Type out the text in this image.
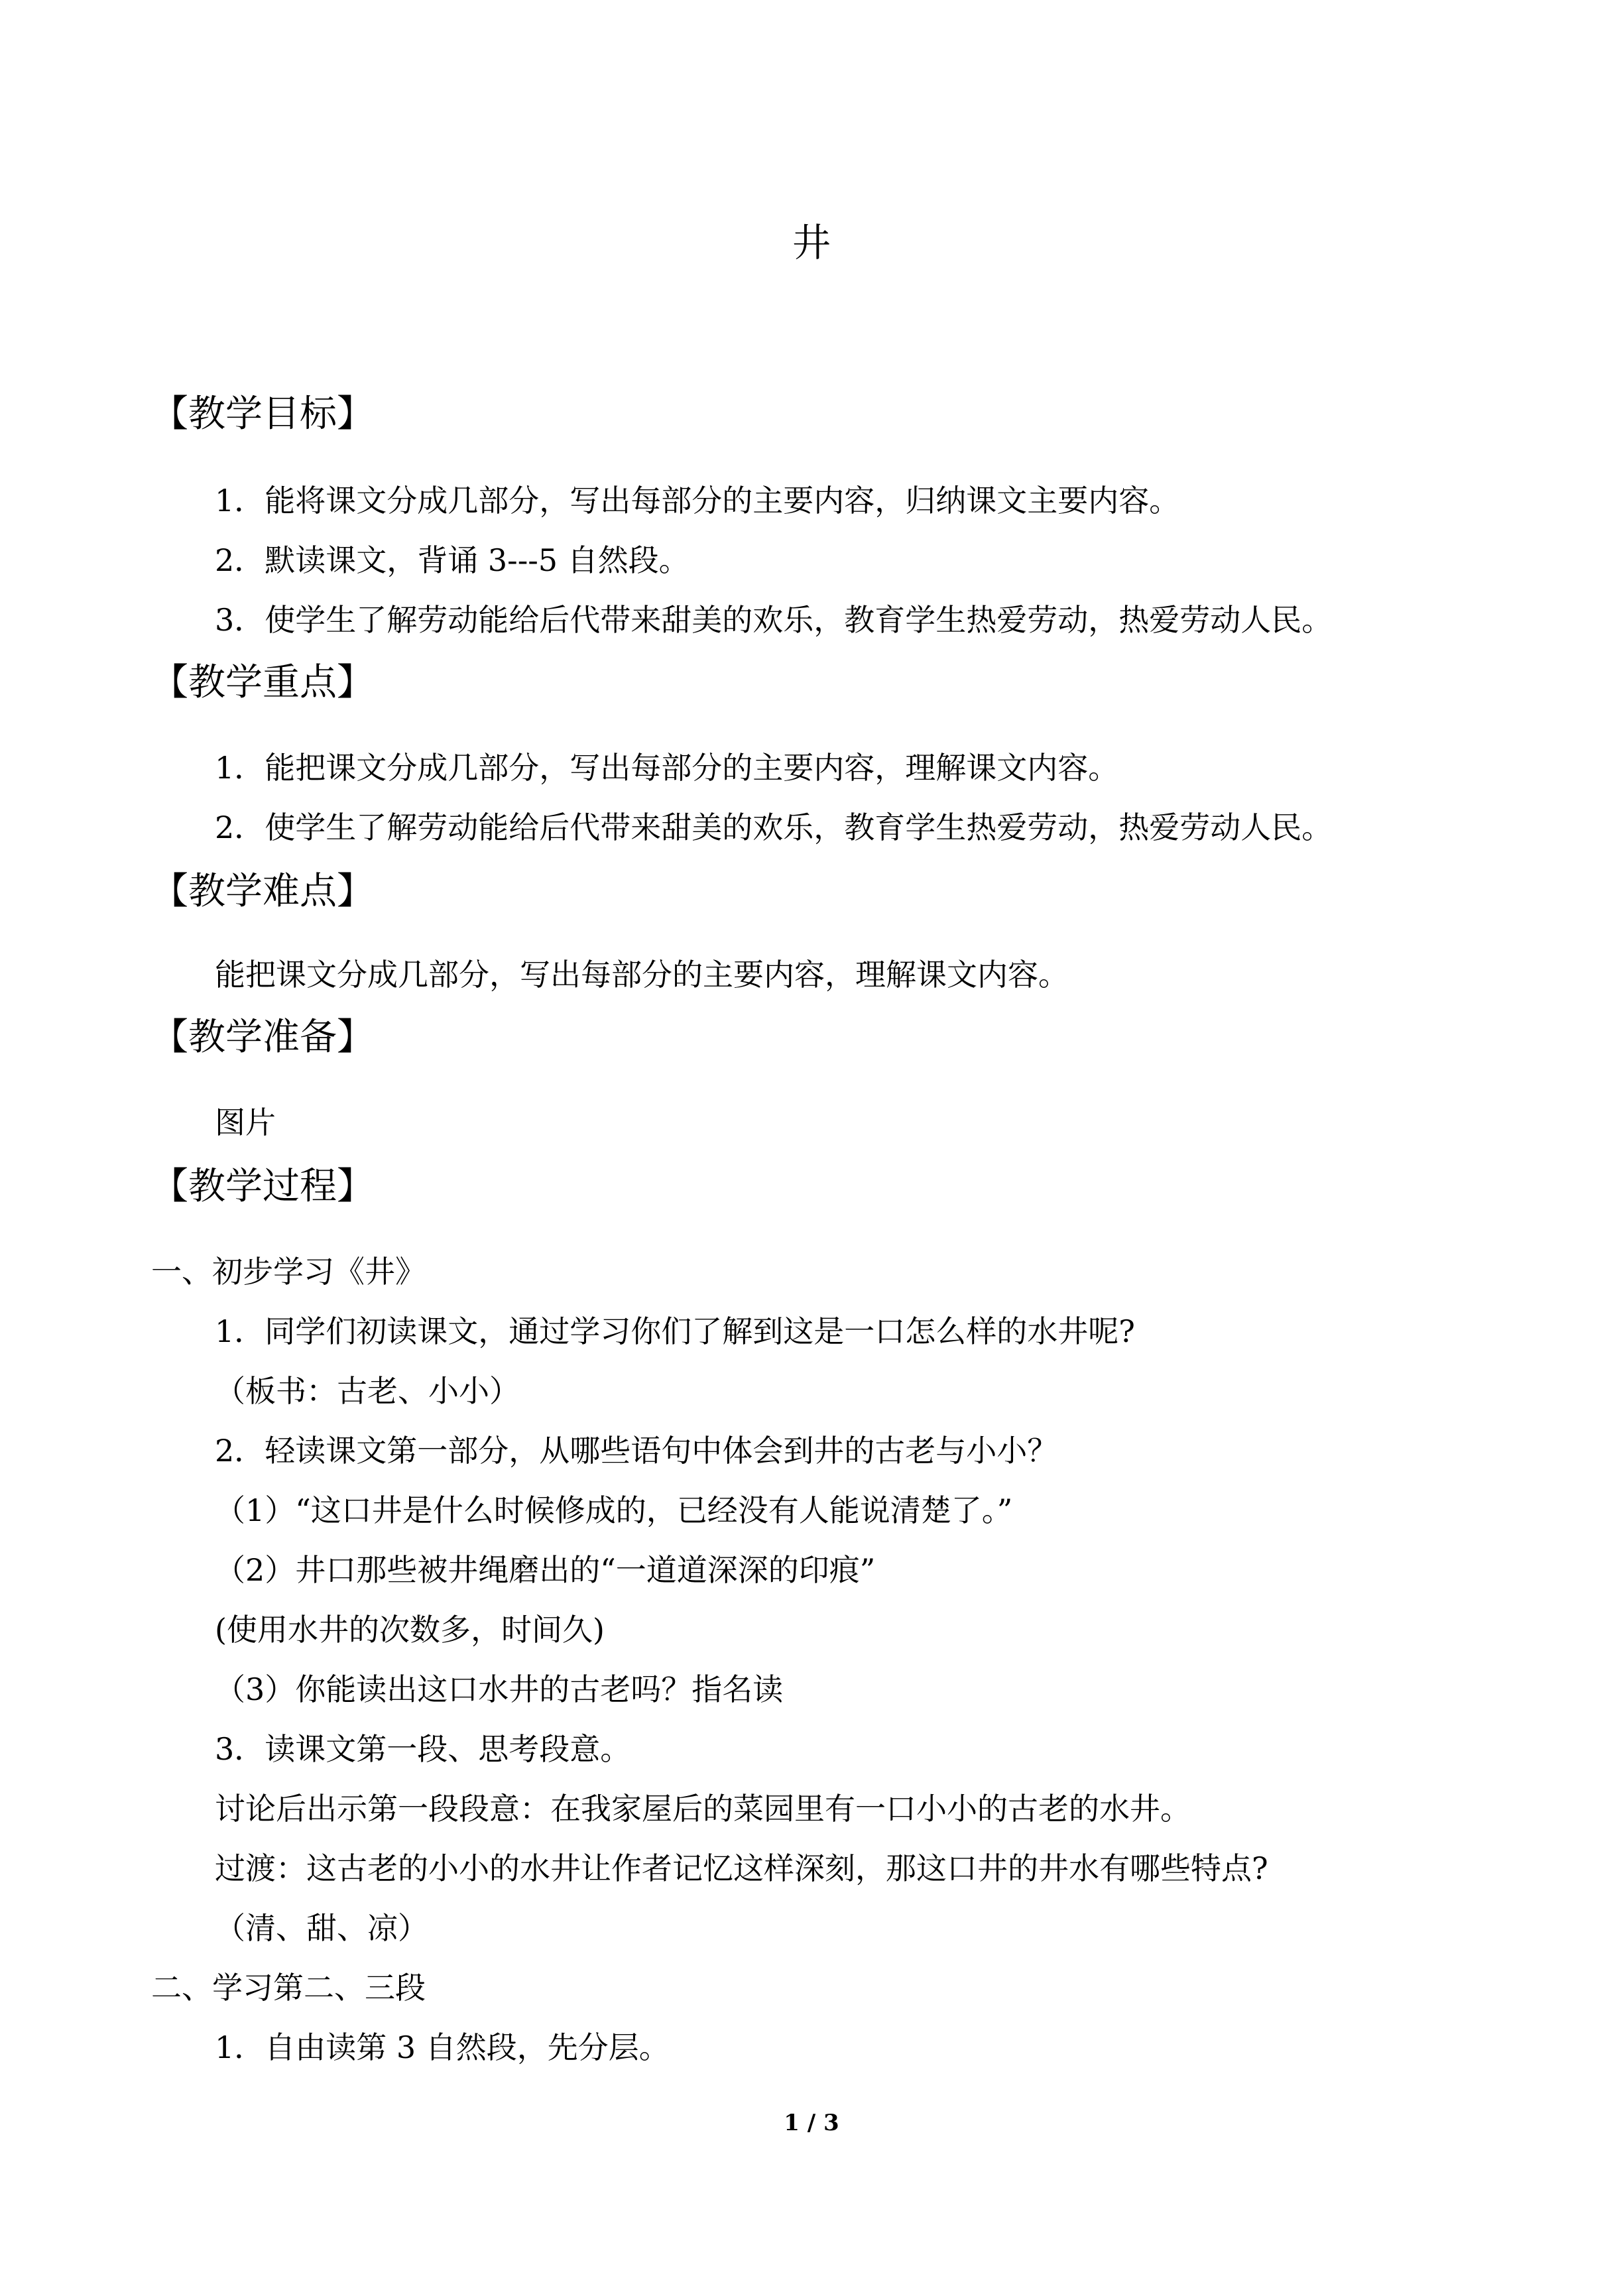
井
【教学目标】
1．能将课文分成几部分，写出每部分的主要内容，归纳课文主要内容。
2．默读课文，背诵 3---5 自然段。
3．使学生了解劳动能给后代带来甜美的欢乐，教育学生热爱劳动，热爱劳动人民。
【教学重点】
1．能把课文分成几部分，写出每部分的主要内容，理解课文内容。
2．使学生了解劳动能给后代带来甜美的欢乐，教育学生热爱劳动，热爱劳动人民。
【教学难点】
能把课文分成几部分，写出每部分的主要内容，理解课文内容。
【教学准备】
图片
【教学过程】
一、初步学习《井》
1．同学们初读课文，通过学习你们了解到这是一口怎么样的水井呢?
（板书：古老、小小）
2．轻读课文第一部分，从哪些语句中体会到井的古老与小小？
（1）“这口井是什么时候修成的，已经没有人能说清楚了。”
（2）井口那些被井绳磨出的“一道道深深的印痕”
(使用水井的次数多，时间久)
（3）你能读出这口水井的古老吗？指名读
3．读课文第一段、思考段意。
讨论后出示第一段段意：在我家屋后的菜园里有一口小小的古老的水井。
过渡：这古老的小小的水井让作者记忆这样深刻，那这口井的井水有哪些特点?
（清、甜、凉）
二、学习第二、三段
1．自由读第 3 自然段，先分层。
1 / 3
